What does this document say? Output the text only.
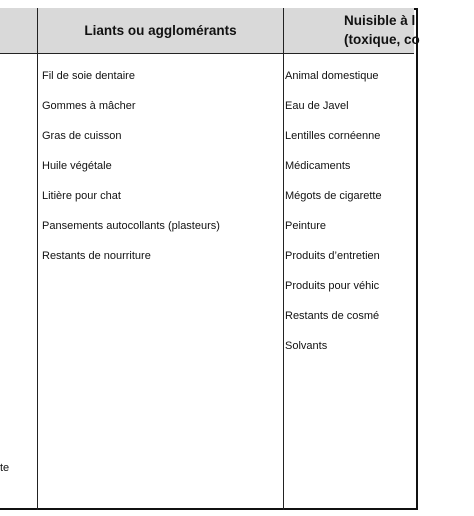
te
Liants ou agglomérants
Fil de soie dentaire
Gommes à mâcher
Gras de cuisson
Huile végétale
Litière pour chat
Pansements autocollants (plasteurs)
Restants de nourriture
Nuisible à l
(toxique, co
Animal domestique
Eau de Javel
Lentilles cornéenne
Médicaments
Mégots de cigarette
Peinture
Produits d’entretien
Produits pour véhic
Restants de cosmé
Solvants
